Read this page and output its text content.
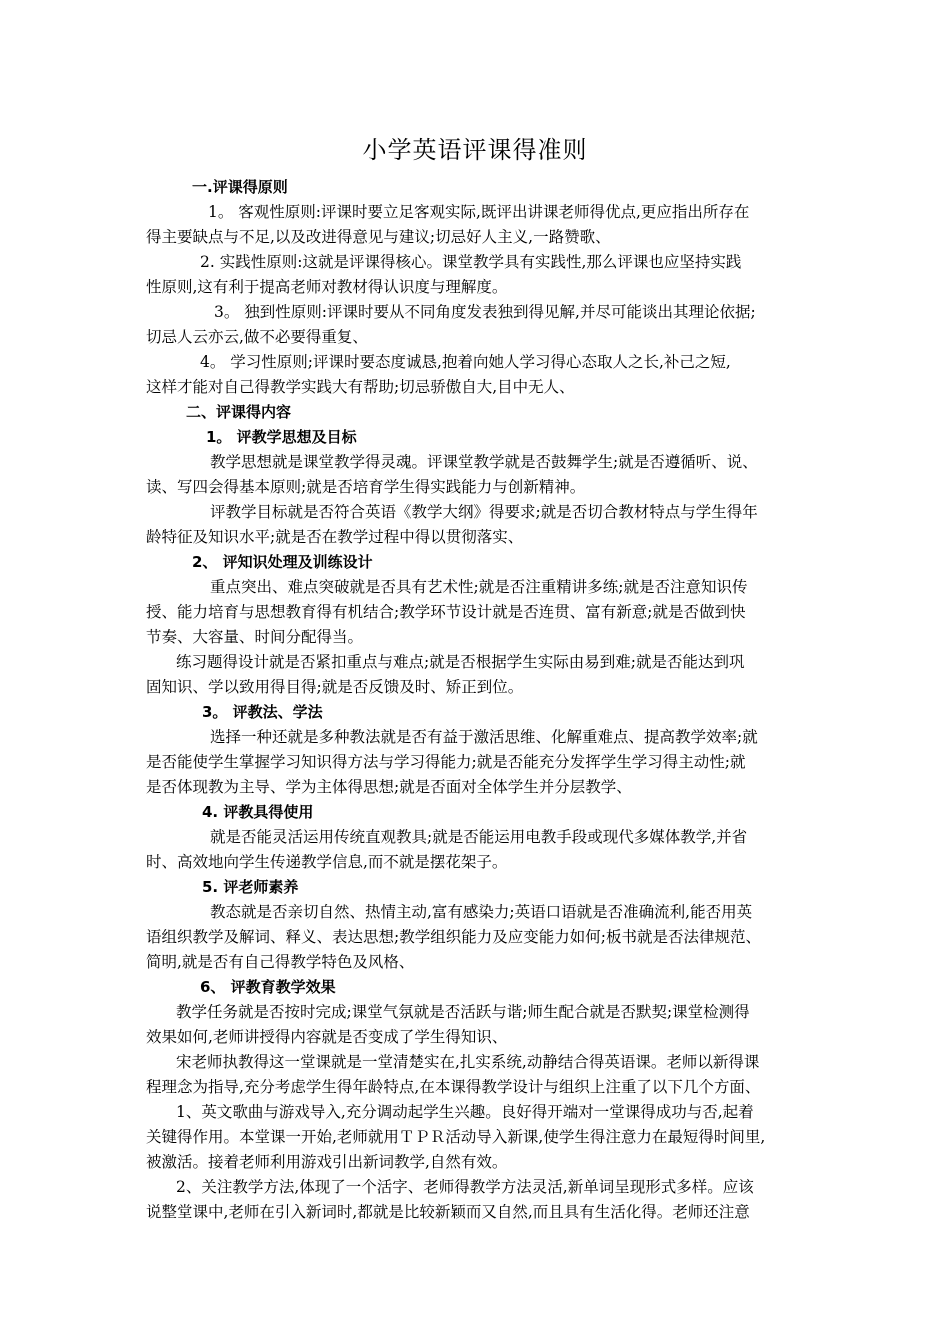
小学英语评课得准则

一.评课得原则

1。 客观性原则:评课时要立足客观实际,既评出讲课老师得优点,更应指出所存在

得主要缺点与不足,以及改进得意见与建议;切忌好人主义,一路赞歌、

2. 实践性原则:这就是评课得核心。课堂教学具有实践性,那么评课也应坚持实践

性原则,这有利于提高老师对教材得认识度与理解度。

3。 独到性原则:评课时要从不同角度发表独到得见解,并尽可能谈出其理论依据;

切忌人云亦云,做不必要得重复、

4。 学习性原则;评课时要态度诚恳,抱着向她人学习得心态取人之长,补己之短,

这样才能对自己得教学实践大有帮助;切忌骄傲自大,目中无人、

二、评课得内容

1。 评教学思想及目标

教学思想就是课堂教学得灵魂。评课堂教学就是否鼓舞学生;就是否遵循听、说、

读、写四会得基本原则;就是否培育学生得实践能力与创新精神。

评教学目标就是否符合英语《教学大纲》得要求;就是否切合教材特点与学生得年

龄特征及知识水平;就是否在教学过程中得以贯彻落实、

2、 评知识处理及训练设计

重点突出、难点突破就是否具有艺术性;就是否注重精讲多练;就是否注意知识传

授、能力培育与思想教育得有机结合;教学环节设计就是否连贯、富有新意;就是否做到快

节奏、大容量、时间分配得当。

练习题得设计就是否紧扣重点与难点;就是否根据学生实际由易到难;就是否能达到巩

固知识、学以致用得目得;就是否反馈及时、矫正到位。

3。 评教法、学法

选择一种还就是多种教法就是否有益于激活思维、化解重难点、提高教学效率;就

是否能使学生掌握学习知识得方法与学习得能力;就是否能充分发挥学生学习得主动性;就

是否体现教为主导、学为主体得思想;就是否面对全体学生并分层教学、

4. 评教具得使用

就是否能灵活运用传统直观教具;就是否能运用电教手段或现代多媒体教学,并省

时、高效地向学生传递教学信息,而不就是摆花架子。

5. 评老师素养

教态就是否亲切自然、热情主动,富有感染力;英语口语就是否准确流利,能否用英

语组织教学及解词、释义、表达思想;教学组织能力及应变能力如何;板书就是否法律规范、

简明,就是否有自己得教学特色及风格、

6、 评教育教学效果

教学任务就是否按时完成;课堂气氛就是否活跃与谐;师生配合就是否默契;课堂检测得

效果如何,老师讲授得内容就是否变成了学生得知识、

宋老师执教得这一堂课就是一堂清楚实在,扎实系统,动静结合得英语课。老师以新得课

程理念为指导,充分考虑学生得年龄特点,在本课得教学设计与组织上注重了以下几个方面、

1、英文歌曲与游戏导入,充分调动起学生兴趣。良好得开端对一堂课得成功与否,起着

关键得作用。本堂课一开始,老师就用ＴＰＲ活动导入新课,使学生得注意力在最短得时间里,

被激活。接着老师利用游戏引出新词教学,自然有效。

2、关注教学方法,体现了一个活字、老师得教学方法灵活,新单词呈现形式多样。应该

说整堂课中,老师在引入新词时,都就是比较新颖而又自然,而且具有生活化得。老师还注意
